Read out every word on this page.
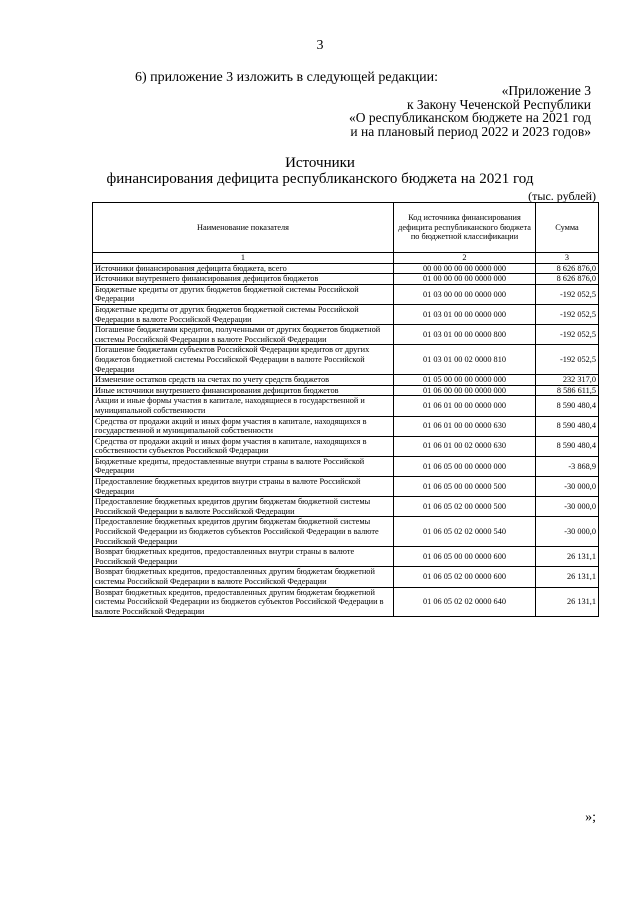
3
6) приложение 3 изложить в следующей редакции:
«Приложение 3
к Закону Чеченской Республики
«О республиканском бюджете на 2021 год
и на плановый период 2022 и 2023 годов»
Источники
финансирования дефицита республиканского бюджета на 2021 год
(тыс. рублей)
Наименование показателя	Код источника финансирования дефицита республиканского бюджета по бюджетной классификации	Сумма
1	2	3
Источники финансирования дефицита бюджета, всего	00 00 00 00 00 0000 000	8 626 876,0
Источники внутреннего финансирования дефицитов бюджетов	01 00 00 00 00 0000 000	8 626 876,0
Бюджетные кредиты от других бюджетов бюджетной системы Российской Федерации	01 03 00 00 00 0000 000	-192 052,5
Бюджетные кредиты от других бюджетов бюджетной системы Российской Федерации в валюте Российской Федерации	01 03 01 00 00 0000 000	-192 052,5
Погашение бюджетами кредитов, полученными от других бюджетов бюджетной системы Российской Федерации в валюте Российской Федерации	01 03 01 00 00 0000 800	-192 052,5
Погашение бюджетами субъектов Российской Федерации кредитов от других бюджетов бюджетной системы Российской Федерации в валюте Российской Федерации	01 03 01 00 02 0000 810	-192 052,5
Изменение остатков средств на счетах по учету средств бюджетов	01 05 00 00 00 0000 000	232 317,0
Иные источники внутреннего финансирования дефицитов бюджетов	01 06 00 00 00 0000 000	8 586 611,5
Акции и иные формы участия в капитале, находящиеся в государственной и муниципальной собственности	01 06 01 00 00 0000 000	8 590 480,4
Средства от продажи акций и иных форм участия в капитале, находящихся в государственной и муниципальной собственности	01 06 01 00 00 0000 630	8 590 480,4
Средства от продажи акций и иных форм участия в капитале, находящихся в собственности субъектов Российской Федерации	01 06 01 00 02 0000 630	8 590 480,4
Бюджетные кредиты, предоставленные внутри страны в валюте Российской Федерации	01 06 05 00 00 0000 000	-3 868,9
Предоставление бюджетных кредитов внутри страны в валюте Российской Федерации	01 06 05 00 00 0000 500	-30 000,0
Предоставление бюджетных кредитов другим бюджетам бюджетной системы Российской Федерации в валюте Российской Федерации	01 06 05 02 00 0000 500	-30 000,0
Предоставление бюджетных кредитов другим бюджетам бюджетной системы Российской Федерации из бюджетов субъектов Российской Федерации в валюте Российской Федерации	01 06 05 02 02 0000 540	-30 000,0
Возврат бюджетных кредитов, предоставленных внутри страны в валюте Российской Федерации	01 06 05 00 00 0000 600	26 131,1
Возврат бюджетных кредитов, предоставленных другим бюджетам бюджетной системы Российской Федерации в валюте Российской Федерации	01 06 05 02 00 0000 600	26 131,1
Возврат бюджетных кредитов, предоставленных другим бюджетам бюджетной системы Российской Федерации из бюджетов субъектов Российской Федерации в валюте Российской Федерации	01 06 05 02 02 0000 640	26 131,1
»;
